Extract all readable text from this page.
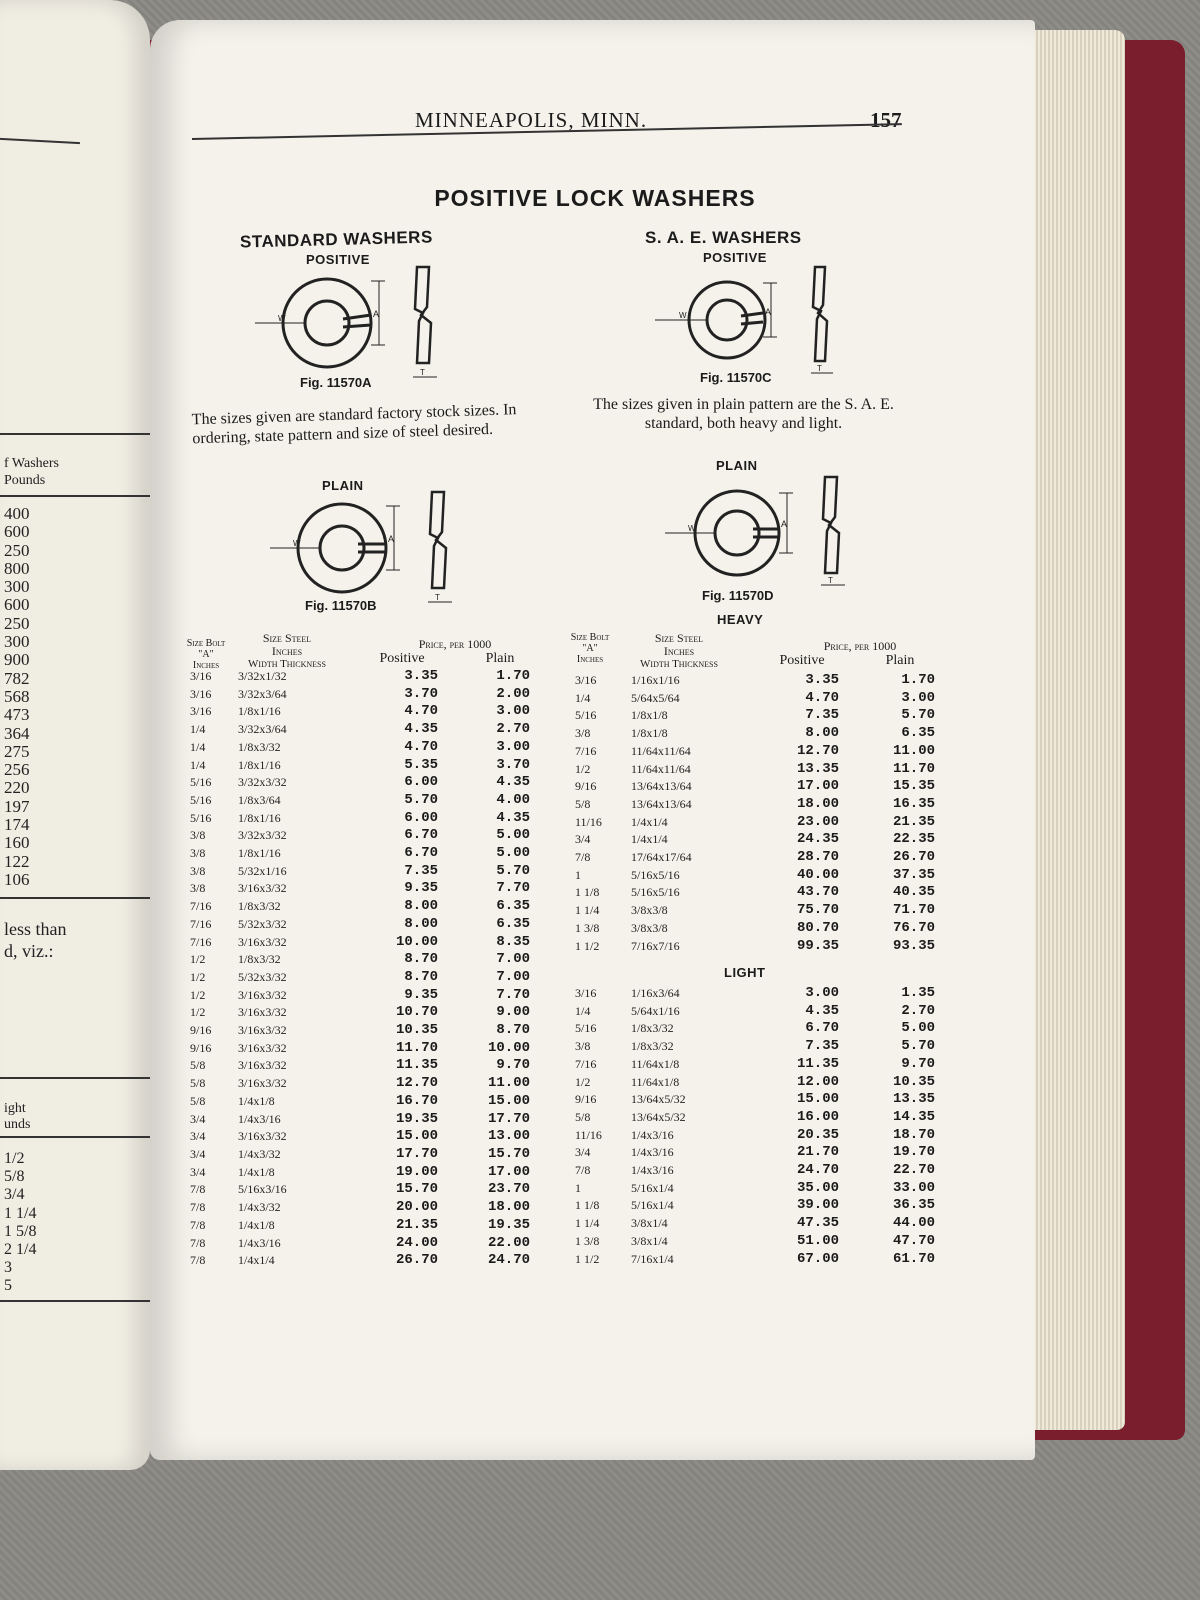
f Washers
Pounds
400
600
250
800
300
600
250
300
900
782
568
473
364
275
256
220
197
174
160
122
106
less than
d, viz.:
ight
unds
1/2
5/8
3/4
1 1/4
1 5/8
2 1/4
3
5
MINNEAPOLIS, MINN.	157
POSITIVE LOCK WASHERS
STANDARD WASHERS
POSITIVE
A
W
T
Fig. 11570A
The sizes given are standard factory stock sizes. In ordering, state pattern and size of steel desired.
PLAIN
A
W
T
Fig. 11570B
S. A. E. WASHERS
POSITIVE
A
W
T
Fig. 11570C
The sizes given in plain pattern are the S. A. E. standard, both heavy and light.
PLAIN
A
W
T
Fig. 11570D
HEAVY
Size Bolt
"A"
Inches
Size Steel
Inches
Width Thickness
Price, per 1000
Positive	Plain
3/16	3/32x1/32	3.35	1.70
3/16	3/32x3/64	3.70	2.00
3/16	1/8x1/16	4.70	3.00
1/4	3/32x3/64	4.35	2.70
1/4	1/8x3/32	4.70	3.00
1/4	1/8x1/16	5.35	3.70
5/16	3/32x3/32	6.00	4.35
5/16	1/8x3/64	5.70	4.00
5/16	1/8x1/16	6.00	4.35
3/8	3/32x3/32	6.70	5.00
3/8	1/8x1/16	6.70	5.00
3/8	5/32x1/16	7.35	5.70
3/8	3/16x3/32	9.35	7.70
7/16	1/8x3/32	8.00	6.35
7/16	5/32x3/32	8.00	6.35
7/16	3/16x3/32	10.00	8.35
1/2	1/8x3/32	8.70	7.00
1/2	5/32x3/32	8.70	7.00
1/2	3/16x3/32	9.35	7.70
1/2	3/16x3/32	10.70	9.00
9/16	3/16x3/32	10.35	8.70
9/16	3/16x3/32	11.70	10.00
5/8	3/16x3/32	11.35	9.70
5/8	3/16x3/32	12.70	11.00
5/8	1/4x1/8	16.70	15.00
3/4	1/4x3/16	19.35	17.70
3/4	3/16x3/32	15.00	13.00
3/4	1/4x3/32	17.70	15.70
3/4	1/4x1/8	19.00	17.00
7/8	5/16x3/16	15.70	23.70
7/8	1/4x3/32	20.00	18.00
7/8	1/4x1/8	21.35	19.35
7/8	1/4x3/16	24.00	22.00
7/8	1/4x1/4	26.70	24.70
Size Bolt
"A"
Inches
Size Steel
Inches
Width Thickness
Price, per 1000
Positive	Plain
3/16	1/16x1/16	3.35	1.70
1/4	5/64x5/64	4.70	3.00
5/16	1/8x1/8	7.35	5.70
3/8	1/8x1/8	8.00	6.35
7/16	11/64x11/64	12.70	11.00
1/2	11/64x11/64	13.35	11.70
9/16	13/64x13/64	17.00	15.35
5/8	13/64x13/64	18.00	16.35
11/16	1/4x1/4	23.00	21.35
3/4	1/4x1/4	24.35	22.35
7/8	17/64x17/64	28.70	26.70
1	5/16x5/16	40.00	37.35
1 1/8	5/16x5/16	43.70	40.35
1 1/4	3/8x3/8	75.70	71.70
1 3/8	3/8x3/8	80.70	76.70
1 1/2	7/16x7/16	99.35	93.35
LIGHT
3/16	1/16x3/64	3.00	1.35
1/4	5/64x1/16	4.35	2.70
5/16	1/8x3/32	6.70	5.00
3/8	1/8x3/32	7.35	5.70
7/16	11/64x1/8	11.35	9.70
1/2	11/64x1/8	12.00	10.35
9/16	13/64x5/32	15.00	13.35
5/8	13/64x5/32	16.00	14.35
11/16	1/4x3/16	20.35	18.70
3/4	1/4x3/16	21.70	19.70
7/8	1/4x3/16	24.70	22.70
1	5/16x1/4	35.00	33.00
1 1/8	5/16x1/4	39.00	36.35
1 1/4	3/8x1/4	47.35	44.00
1 3/8	3/8x1/4	51.00	47.70
1 1/2	7/16x1/4	67.00	61.70
